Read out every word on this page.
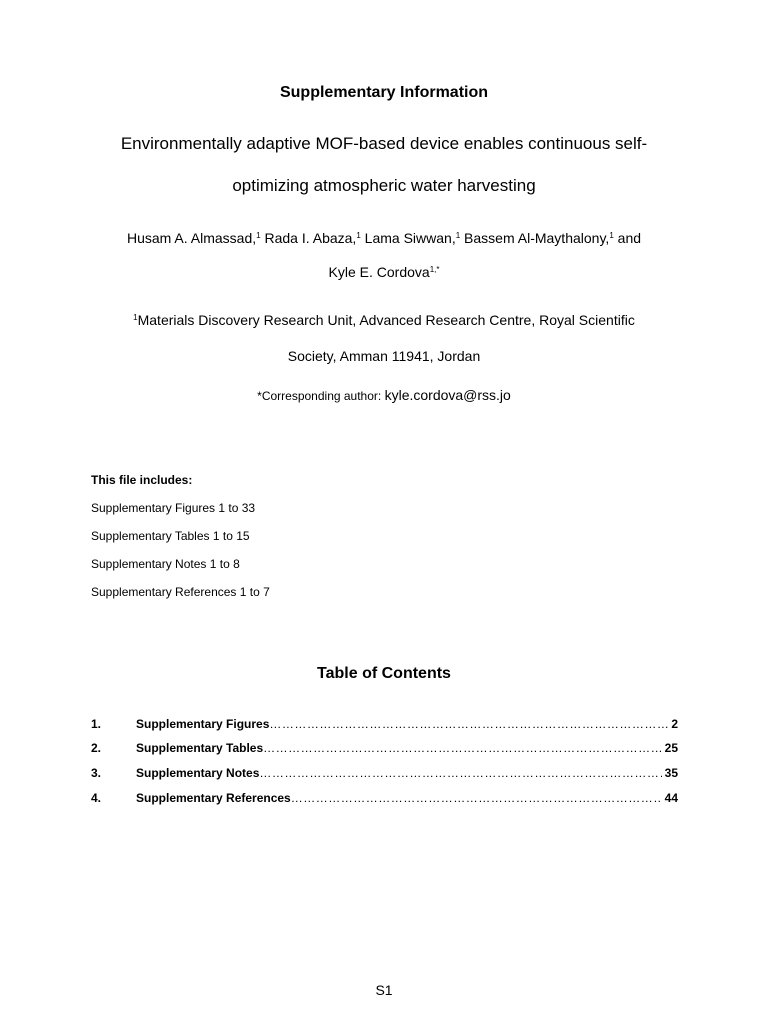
Supplementary Information
Environmentally adaptive MOF-based device enables continuous self-
optimizing atmospheric water harvesting
Husam A. Almassad,$^1$ Rada I. Abaza,$^1$ Lama Siwwan,$^1$ Bassem Al-Maythalony,$^1$ and
Kyle E. Cordova$^{1,*}$
$^1$Materials Discovery Research Unit, Advanced Research Centre, Royal Scientific
Society, Amman 11941, Jordan
*Corresponding author: kyle.cordova@rss.jo
This file includes:
Supplementary Figures 1 to 33
Supplementary Tables 1 to 15
Supplementary Notes 1 to 8
Supplementary References 1 to 7
Table of Contents
1.	Supplementary Figures ……………………………………………………………………………………………………………………………………………………………………	2
2.	Supplementary Tables ……………………………………………………………………………………………………………………………………………………………………	25
3.	Supplementary Notes ……………………………………………………………………………………………………………………………………………………………………	35
4.	Supplementary References ……………………………………………………………………………………………………………………………………………………………………	44
S1
